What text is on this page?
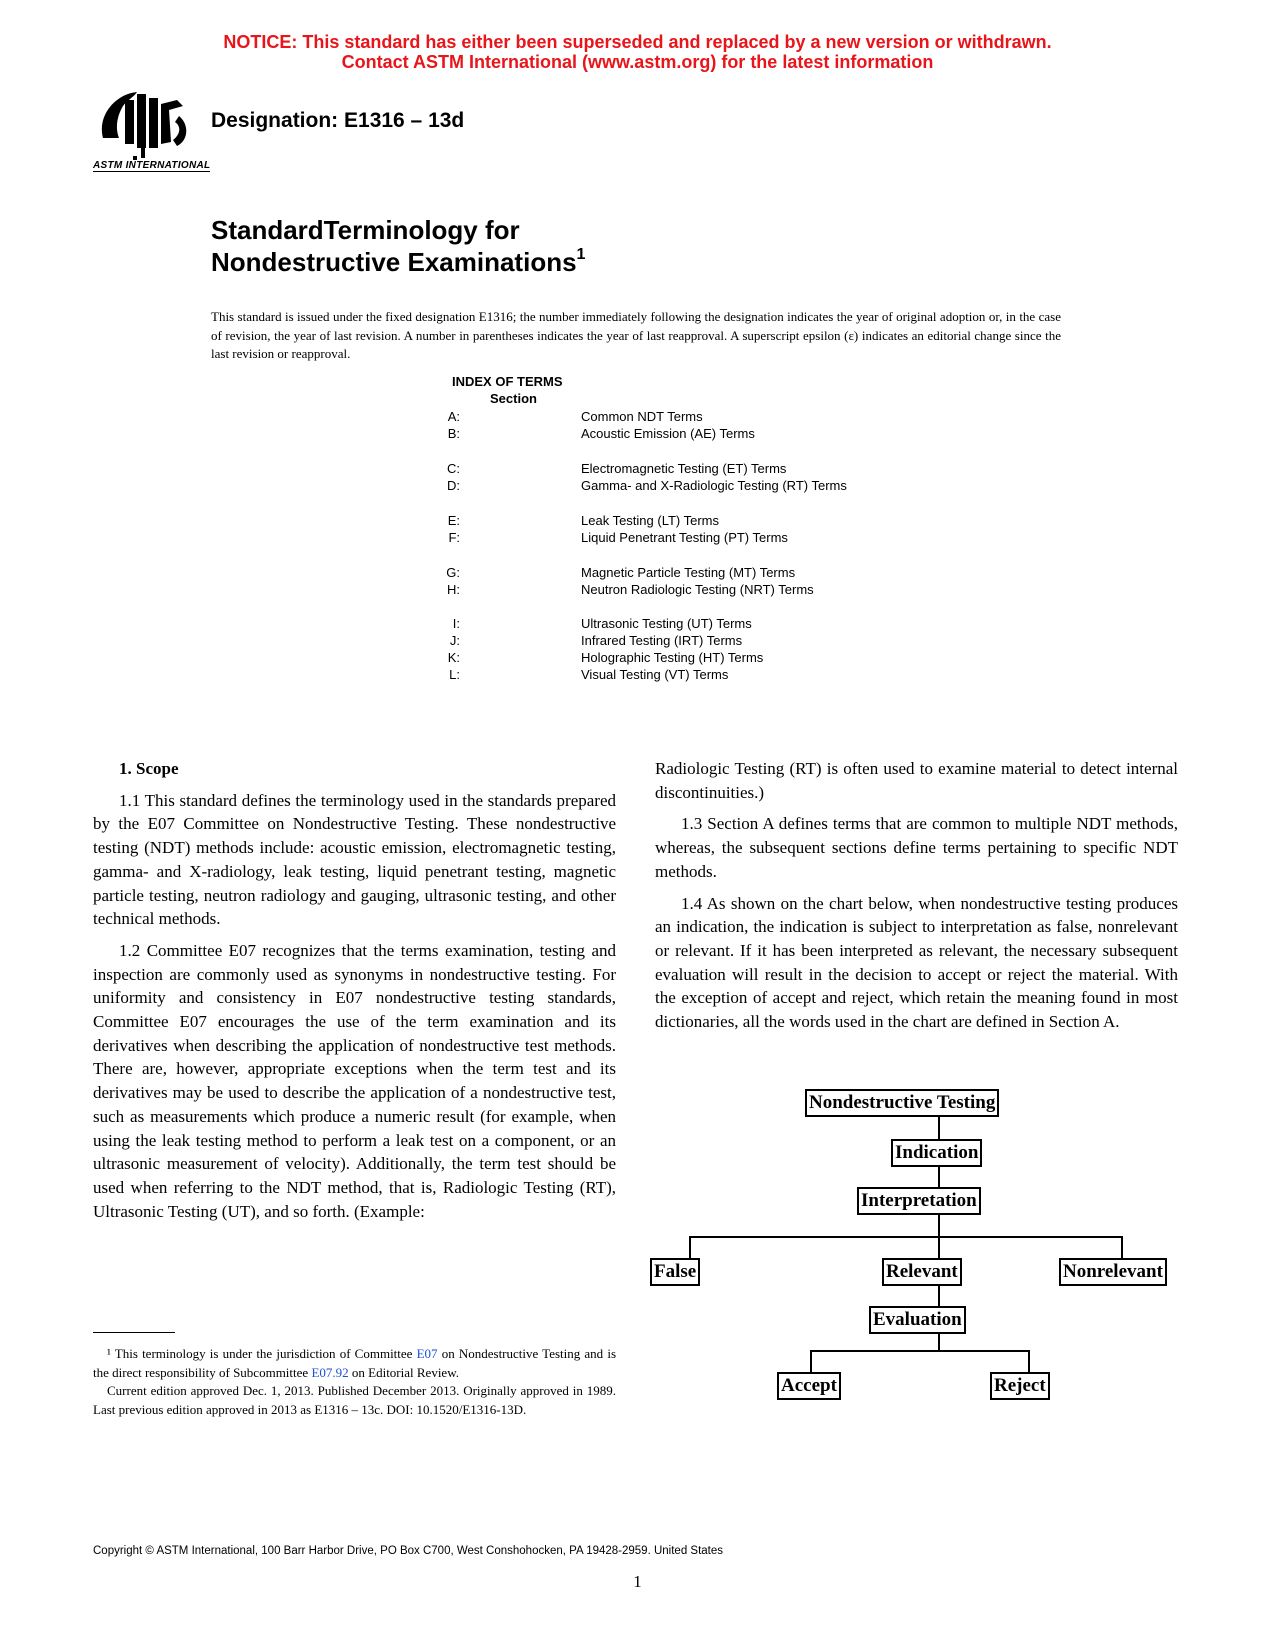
NOTICE: This standard has either been superseded and replaced by a new version or withdrawn.
Contact ASTM International (www.astm.org) for the latest information
ASTM INTERNATIONAL
Designation: E1316 – 13d
StandardTerminology for
Nondestructive Examinations$^1$
This standard is issued under the fixed designation E1316; the number immediately following the designation indicates the year of original adoption or, in the case of revision, the year of last revision. A number in parentheses indicates the year of last reapproval. A superscript epsilon (ε) indicates an editorial change since the last revision or reapproval.
INDEX OF TERMS
Section
A:	Common NDT Terms
B:	Acoustic Emission (AE) Terms
C:	Electromagnetic Testing (ET) Terms
D:	Gamma- and X-Radiologic Testing (RT) Terms
E:	Leak Testing (LT) Terms
F:	Liquid Penetrant Testing (PT) Terms
G:	Magnetic Particle Testing (MT) Terms
H:	Neutron Radiologic Testing (NRT) Terms
I:	Ultrasonic Testing (UT) Terms
J:	Infrared Testing (IRT) Terms
K:	Holographic Testing (HT) Terms
L:	Visual Testing (VT) Terms

1. Scope

1.1 This standard defines the terminology used in the standards prepared by the E07 Committee on Nondestructive Testing. These nondestructive testing (NDT) methods include: acoustic emission, electromagnetic testing, gamma- and X-radiology, leak testing, liquid penetrant testing, magnetic particle testing, neutron radiology and gauging, ultrasonic testing, and other technical methods.

1.2 Committee E07 recognizes that the terms examination, testing and inspection are commonly used as synonyms in nondestructive testing. For uniformity and consistency in E07 nondestructive testing standards, Committee E07 encourages the use of the term examination and its derivatives when describing the application of nondestructive test methods. There are, however, appropriate exceptions when the term test and its derivatives may be used to describe the application of a nondestructive test, such as measurements which produce a numeric result (for example, when using the leak testing method to perform a leak test on a component, or an ultrasonic measurement of velocity). Additionally, the term test should be used when referring to the NDT method, that is, Radiologic Testing (RT), Ultrasonic Testing (UT), and so forth. (Example:

Radiologic Testing (RT) is often used to examine material to detect internal discontinuities.)

1.3 Section A defines terms that are common to multiple NDT methods, whereas, the subsequent sections define terms pertaining to specific NDT methods.

1.4 As shown on the chart below, when nondestructive testing produces an indication, the indication is subject to interpretation as false, nonrelevant or relevant. If it has been interpreted as relevant, the necessary subsequent evaluation will result in the decision to accept or reject the material. With the exception of accept and reject, which retain the meaning found in most dictionaries, all the words used in the chart are defined in Section A.

Nondestructive Testing
Indication
Interpretation
False	Relevant	Nonrelevant
Evaluation
Accept	Reject

¹ This terminology is under the jurisdiction of Committee E07 on Nondestructive Testing and is the direct responsibility of Subcommittee E07.92 on Editorial Review.

Current edition approved Dec. 1, 2013. Published December 2013. Originally approved in 1989. Last previous edition approved in 2013 as E1316 – 13c. DOI: 10.1520/E1316-13D.

Copyright © ASTM International, 100 Barr Harbor Drive, PO Box C700, West Conshohocken, PA 19428-2959. United States
1
